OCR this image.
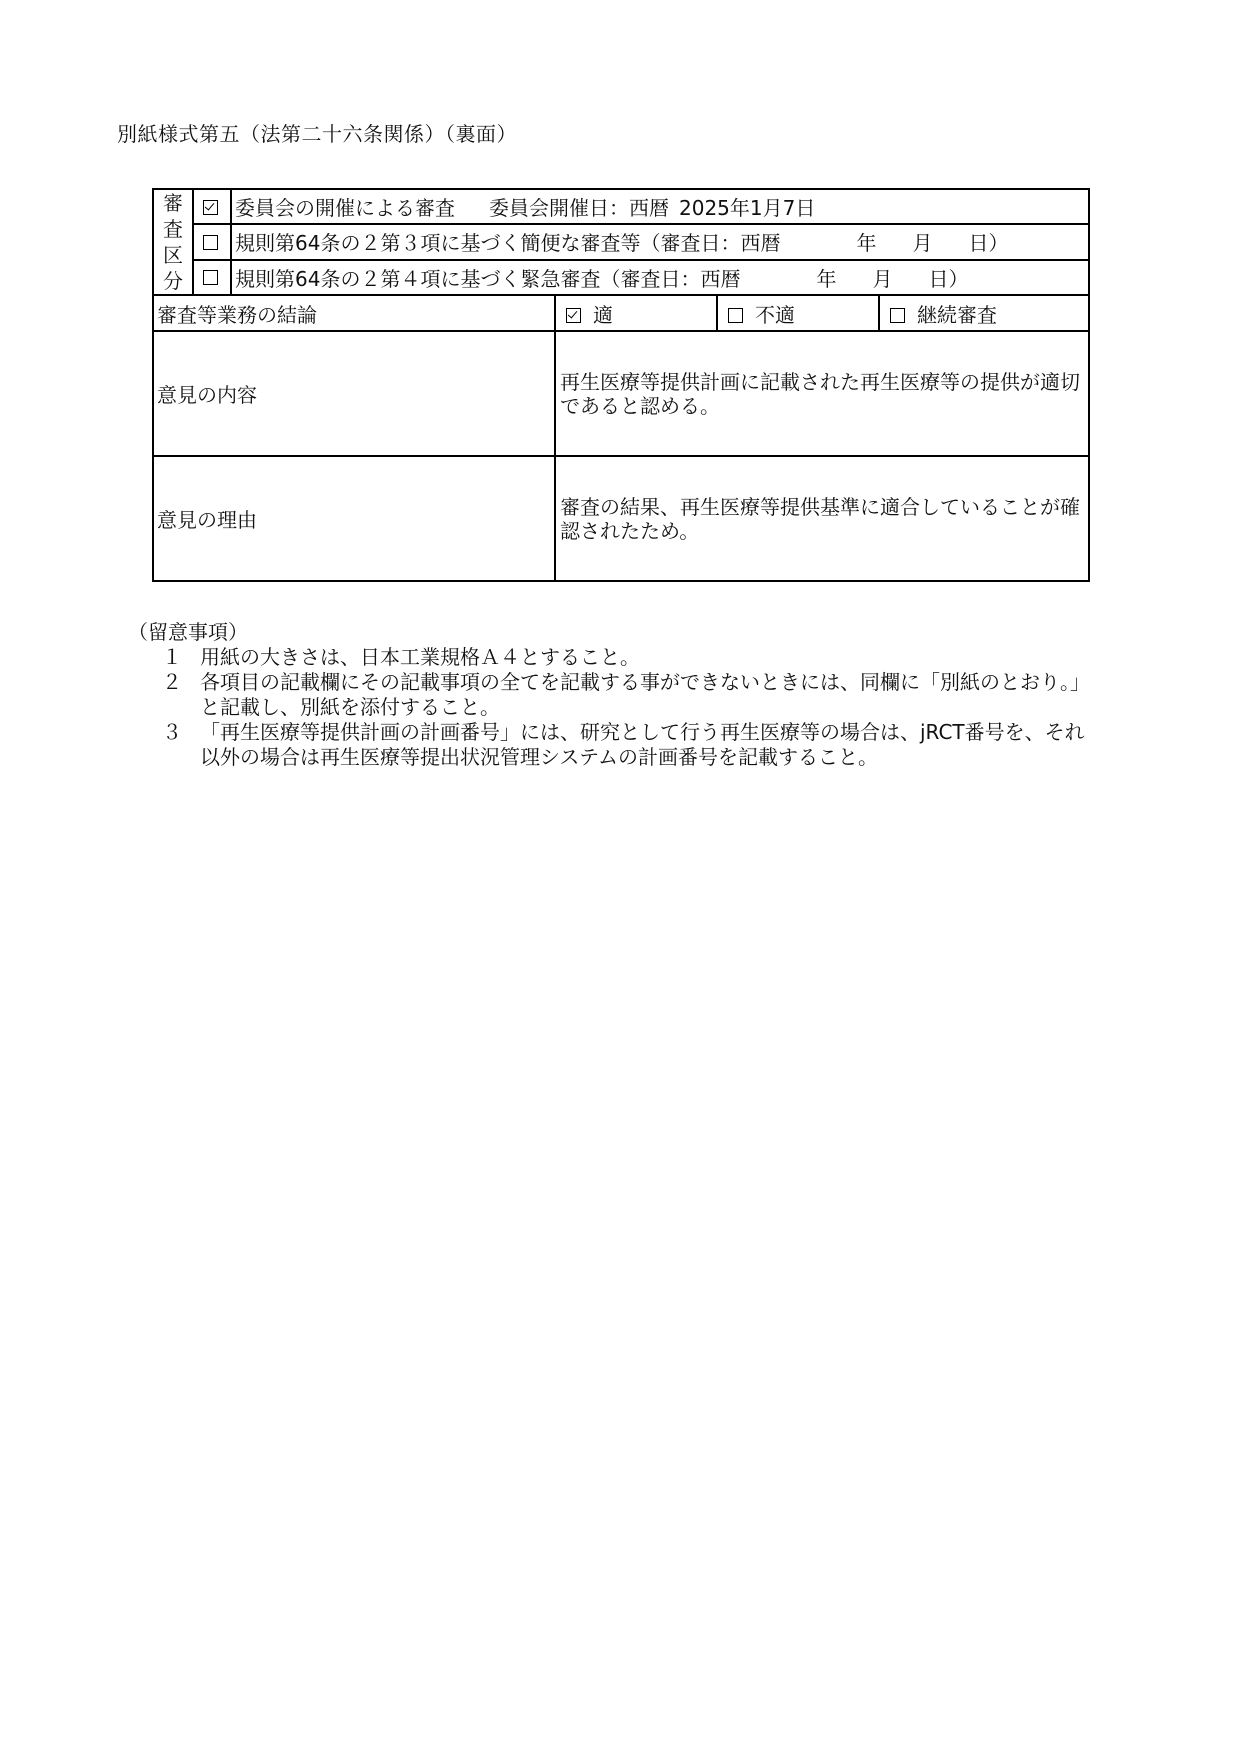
別紙様式第五（法第二十六条関係）（裏面）
審
査
区
分		委員会の開催による審査 委員会開催日：西暦 2025年1月7日			
		規則第64条の２第３項に基づく簡便な審査等（審査日：西暦 年 月 日）			
		規則第64条の２第４項に基づく緊急審査（審査日：西暦 年 月 日）			
審査等業務の結論			適	不適	継続審査
意見の内容			再生医療等提供計画に記載された再生医療等の提供が適切であると認める。		
意見の理由			審査の結果、再生医療等提供基準に適合していることが確認されたため。		
（留意事項）
１ 用紙の大きさは、日本工業規格Ａ４とすること。
２ 各項目の記載欄にその記載事項の全てを記載する事ができないときには、同欄に「別紙のとおり。」と記載し、別紙を添付すること。
３ 「再生医療等提供計画の計画番号」には、研究として行う再生医療等の場合は、jRCT番号を、それ以外の場合は再生医療等提出状況管理システムの計画番号を記載すること。
